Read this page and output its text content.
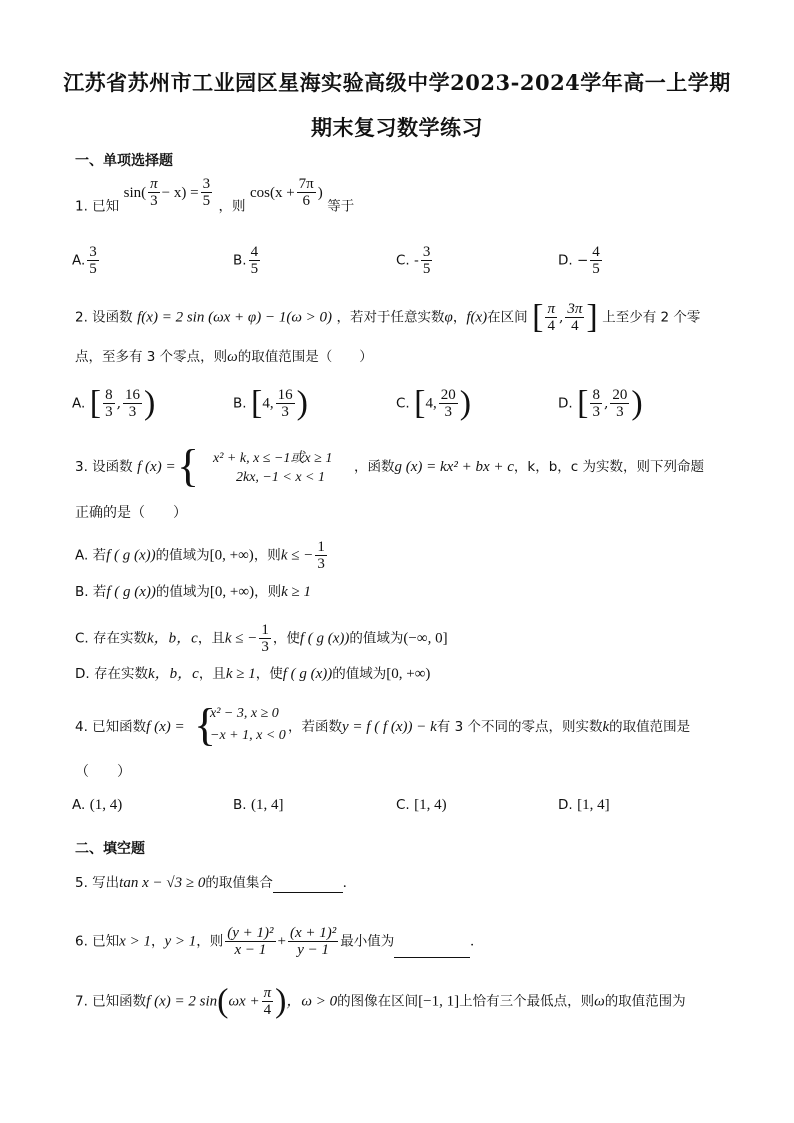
江苏省苏州市工业园区星海实验高级中学2023-2024学年高一上学期
期末复习数学练习
一、单项选择题
1. 已知 $\sin( \frac{\pi}{3} - x) = \frac{3}{5}$ ，则 $\cos(x + \frac{7\pi}{6}$ ) 等于
A. $\frac{3}{5}$	B. $\frac{4}{5}$	C. - $\frac{3}{5}$	D. − $\frac{4}{5}$
2. 设函数 f(x) = 2 sin (ωx + φ) − 1(ω > 0) ，若对于任意实数φ，f(x)在区间 [ $\frac{\pi}{4}$ , $\frac{3\pi}{4}$ ] 上至少有 2 个零
点，至多有 3 个零点，则ω的取值范围是（　　）
A. [ $\frac{8}{3}$ , $\frac{16}{3}$ )	B. [4, $\frac{16}{3}$ )	C. [4, $\frac{20}{3}$ )	D. [ $\frac{8}{3}$ , $\frac{20}{3}$ )
3. 设函数 f (x) = { x² + k, x ≤ −1或x ≥ 1
2kx, −1 < x < 1
，函数g (x) = kx² + bx + c，k，b，c 为实数，则下列命题
正确的是（　　）
A. 若f ( g (x))的值域为[0, +∞)，则k ≤ − $\frac{1}{3}$
B. 若f ( g (x))的值域为[0, +∞)，则k ≥ 1
C. 存在实数k，b，c，且k ≤ − $\frac{1}{3}$ ，使f ( g (x))的值域为(−∞, 0]
D. 存在实数k，b，c，且k ≥ 1，使f ( g (x))的值域为[0, +∞)
4. 已知函数f (x) = {
x² − 3, x ≥ 0
−x + 1, x < 0
，若函数y = f ( f (x)) − k有 3 个不同的零点，则实数k的取值范围是
（　　）
A. (1, 4)	B. (1, 4]	C. [1, 4)	D. [1, 4]
二、填空题
5. 写出tan x − √3 ≥ 0的取值集合	.
6. 已知x > 1，y > 1，则 $\frac{\text{(y + 1)²}}{x - 1} + \frac{\text{(x + 1)²}}{y - 1}$ 最小值为	.
7. 已知函数f (x) = 2 $\sin(\omega x + \frac{\pi}{4}$ )，ω > 0的图像在区间[−1, 1]上恰有三个最低点，则ω的取值范围为
